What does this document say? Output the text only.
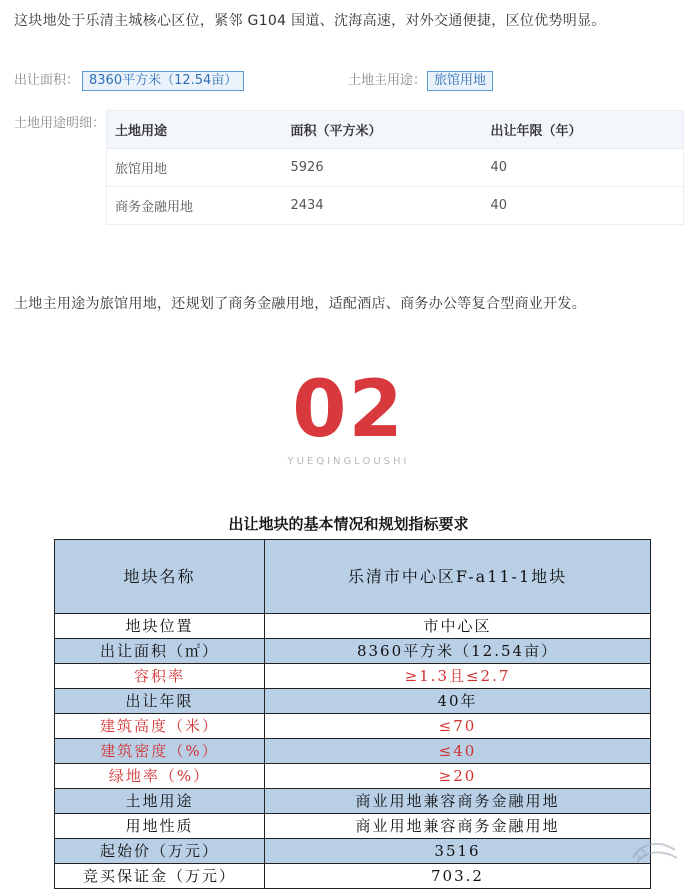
这块地处于乐清主城核心区位，紧邻 G104 国道、沈海高速，对外交通便捷，区位优势明显。
出让面积： 8360平方米（12.54亩）	土地主用途： 旅馆用地
土地用途明细：
土地用途	面积（平方米）	出让年限（年）
旅馆用地	5926	40
商务金融用地	2434	40
土地主用途为旅馆用地，还规划了商务金融用地，适配酒店、商务办公等复合型商业开发。
02
YUEQINGLOUSHI
出让地块的基本情况和规划指标要求
地块名称	乐清市中心区F-a11-1地块
地块位置	市中心区
出让面积（㎡）	8360平方米（12.54亩）
容积率	≥1.3且≤2.7
出让年限	40年
建筑高度（米）	≤70
建筑密度（%）	≤40
绿地率（%）	≥20
土地用途	商业用地兼容商务金融用地
用地性质	商业用地兼容商务金融用地
起始价（万元）	3516
竞买保证金（万元）	703.2
